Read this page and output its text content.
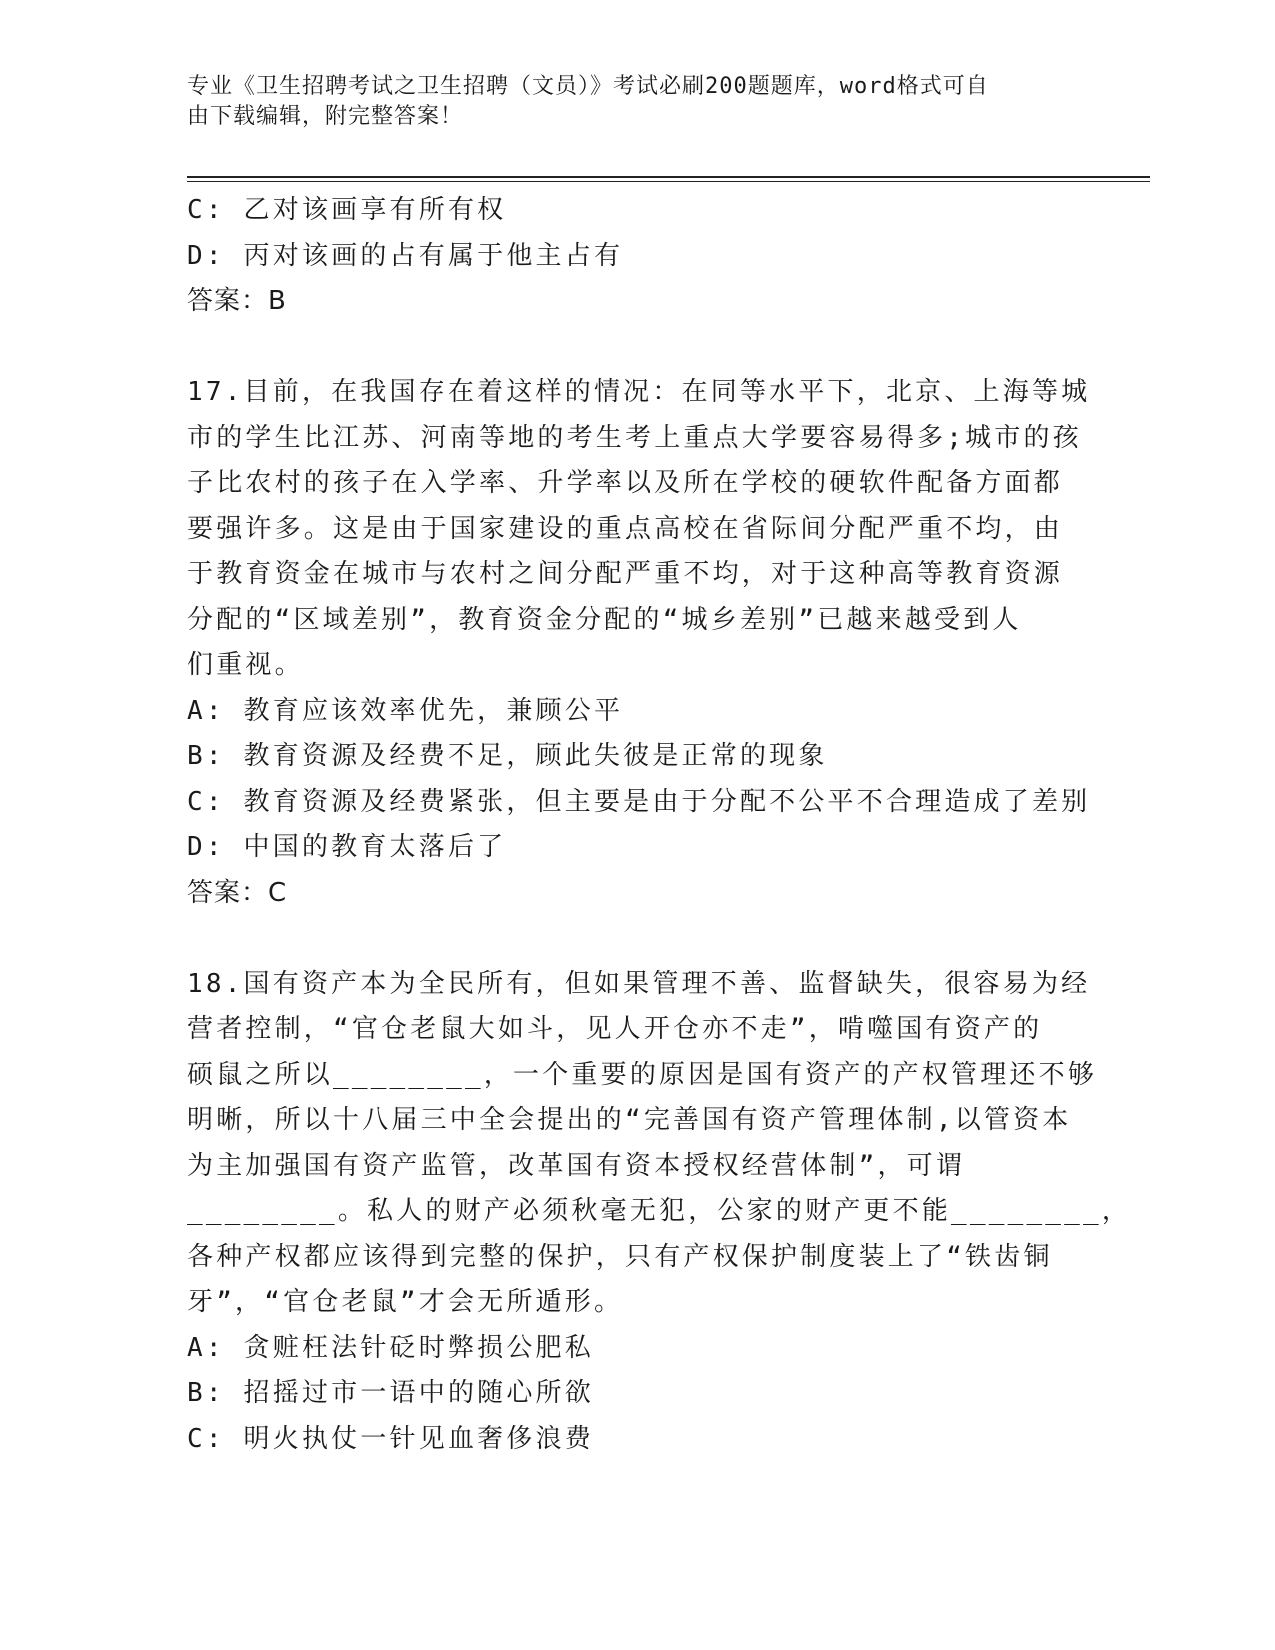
专业《卫生招聘考试之卫生招聘（文员）》考试必刷200题题库，word格式可自
由下载编辑，附完整答案！
C: 乙对该画享有所有权
D: 丙对该画的占有属于他主占有
答案：B
17.目前，在我国存在着这样的情况：在同等水平下，北京、上海等城
市的学生比江苏、河南等地的考生考上重点大学要容易得多;城市的孩
子比农村的孩子在入学率、升学率以及所在学校的硬软件配备方面都
要强许多。这是由于国家建设的重点高校在省际间分配严重不均，由
于教育资金在城市与农村之间分配严重不均，对于这种高等教育资源
分配的“区域差别”，教育资金分配的“城乡差别”已越来越受到人
们重视。
A: 教育应该效率优先，兼顾公平
B: 教育资源及经费不足，顾此失彼是正常的现象
C: 教育资源及经费紧张，但主要是由于分配不公平不合理造成了差别
D: 中国的教育太落后了
答案：C
18.国有资产本为全民所有，但如果管理不善、监督缺失，很容易为经
营者控制，“官仓老鼠大如斗，见人开仓亦不走”，啃噬国有资产的
硕鼠之所以________，一个重要的原因是国有资产的产权管理还不够
明晰，所以十八届三中全会提出的“完善国有资产管理体制,以管资本
为主加强国有资产监管，改革国有资本授权经营体制”，可谓
________。私人的财产必须秋毫无犯，公家的财产更不能________，
各种产权都应该得到完整的保护，只有产权保护制度装上了“铁齿铜
牙”，“官仓老鼠”才会无所遁形。
A: 贪赃枉法针砭时弊损公肥私
B: 招摇过市一语中的随心所欲
C: 明火执仗一针见血奢侈浪费
